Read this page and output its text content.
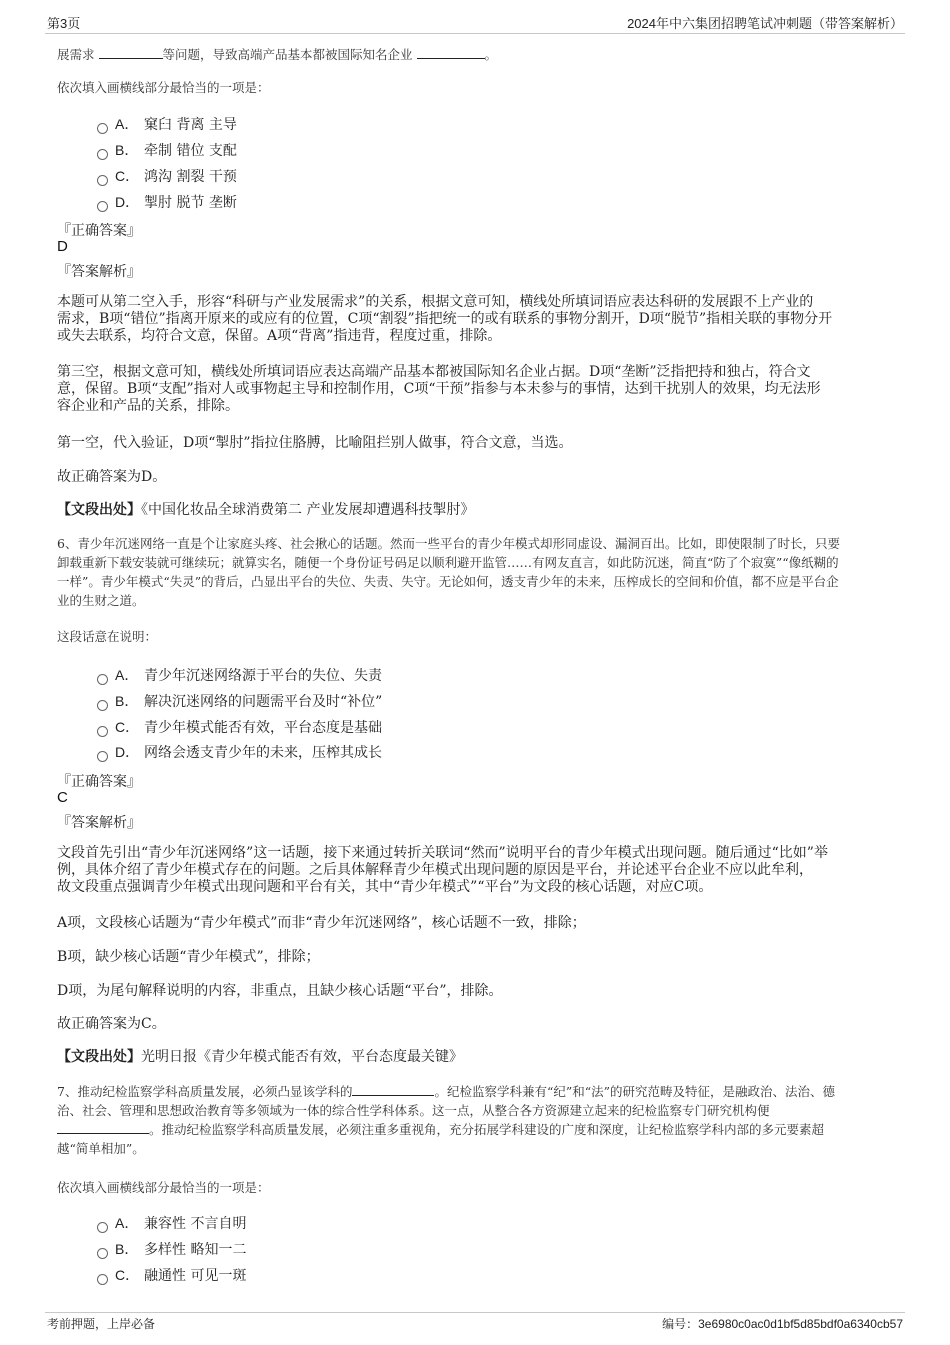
第3页	2024年中六集团招聘笔试冲刺题（带答案解析）
展需求	等问题，导致高端产品基本都被国际知名企业	。
依次填入画横线部分最恰当的一项是：
A． 窠臼 背离 主导
B． 牵制 错位 支配
C． 鸿沟 割裂 干预
D． 掣肘 脱节 垄断
『正确答案』
D
『答案解析』
本题可从第二空入手，形容“科研与产业发展需求”的关系，根据文意可知，横线处所填词语应表达科研的发展跟不上产业的
需求，B项“错位”指离开原来的或应有的位置，C项“割裂”指把统一的或有联系的事物分割开，D项“脱节”指相关联的事物分开
或失去联系，均符合文意，保留。A项“背离”指违背，程度过重，排除。
第三空，根据文意可知，横线处所填词语应表达高端产品基本都被国际知名企业占据。D项“垄断”泛指把持和独占，符合文
意，保留。B项“支配”指对人或事物起主导和控制作用，C项“干预”指参与本未参与的事情，达到干扰别人的效果，均无法形
容企业和产品的关系，排除。
第一空，代入验证，D项“掣肘”指拉住胳膊，比喻阻拦别人做事，符合文意，当选。
故正确答案为D。
【文段出处】《中国化妆品全球消费第二 产业发展却遭遇科技掣肘》
6、青少年沉迷网络一直是个让家庭头疼、社会揪心的话题。然而一些平台的青少年模式却形同虚设、漏洞百出。比如，即使限制了时长，只要
卸载重新下载安装就可继续玩；就算实名，随便一个身份证号码足以顺利避开监管……有网友直言，如此防沉迷，简直“防了个寂寞”“像纸糊的
一样”。青少年模式“失灵”的背后，凸显出平台的失位、失责、失守。无论如何，透支青少年的未来，压榨成长的空间和价值，都不应是平台企
业的生财之道。
这段话意在说明：
A． 青少年沉迷网络源于平台的失位、失责
B． 解决沉迷网络的问题需平台及时“补位”
C． 青少年模式能否有效，平台态度是基础
D． 网络会透支青少年的未来，压榨其成长
『正确答案』
C
『答案解析』
文段首先引出“青少年沉迷网络”这一话题，接下来通过转折关联词“然而”说明平台的青少年模式出现问题。随后通过“比如”举
例，具体介绍了青少年模式存在的问题。之后具体解释青少年模式出现问题的原因是平台，并论述平台企业不应以此牟利，
故文段重点强调青少年模式出现问题和平台有关，其中“青少年模式”“平台”为文段的核心话题，对应C项。
A项，文段核心话题为“青少年模式”而非“青少年沉迷网络”，核心话题不一致，排除；
B项，缺少核心话题“青少年模式”，排除；
D项，为尾句解释说明的内容，非重点，且缺少核心话题“平台”，排除。
故正确答案为C。
【文段出处】光明日报《青少年模式能否有效，平台态度最关键》
7、推动纪检监察学科高质量发展，必须凸显该学科的	。纪检监察学科兼有“纪”和“法”的研究范畴及特征，是融政治、法治、德
治、社会、管理和思想政治教育等多领域为一体的综合性学科体系。这一点，从整合各方资源建立起来的纪检监察专门研究机构便
。推动纪检监察学科高质量发展，必须注重多重视角，充分拓展学科建设的广度和深度，让纪检监察学科内部的多元要素超
越“简单相加”。
依次填入画横线部分最恰当的一项是：
A． 兼容性 不言自明
B． 多样性 略知一二
C． 融通性 可见一斑
考前押题，上岸必备	编号：3e6980c0ac0d1bf5d85bdf0a6340cb57
